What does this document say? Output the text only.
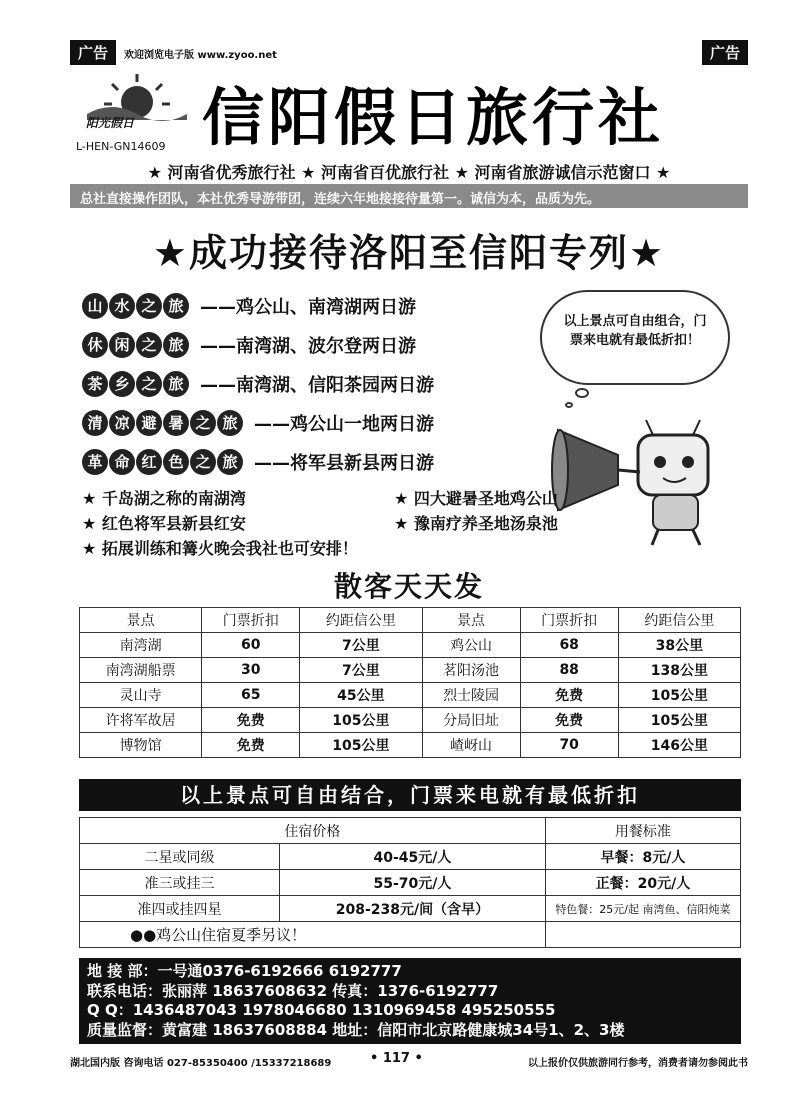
广告	欢迎浏览电子版 www.zyoo.net	广告
阳光假日
L-HEN-GN14609 信阳假日旅行社
★ 河南省优秀旅行社 ★ 河南省百优旅行社 ★ 河南省旅游诚信示范窗口 ★
总社直接操作团队，本社优秀导游带团，连续六年地接接待量第一。诚信为本，品质为先。
★成功接待洛阳至信阳专列★
山 水 之 旅 ——鸡公山、南湾湖两日游
休 闲 之 旅 ——南湾湖、波尔登两日游
茶 乡 之 旅 ——南湾湖、信阳茶园两日游
清 凉 避 暑 之 旅 ——鸡公山一地两日游
革 命 红 色 之 旅 ——将军县新县两日游
以上景点可自由组合，门票来电就有最低折扣！
★ 千岛湖之称的南湖湾	★ 四大避暑圣地鸡公山
★ 红色将军县新县红安	★ 豫南疗养圣地汤泉池
★ 拓展训练和篝火晚会我社也可安排！
散客天天发
景点	门票折扣	约距信公里	景点	门票折扣	约距信公里
南湾湖	60	7公里	鸡公山	68	38公里
南湾湖船票	30	7公里	茗阳汤池	88	138公里
灵山寺	65	45公里	烈士陵园	免费	105公里
许将军故居	免费	105公里	分局旧址	免费	105公里
博物馆	免费	105公里	嵖岈山	70	146公里
以上景点可自由结合，门票来电就有最低折扣
住宿价格		用餐标准
二星或同级	40-45元/人	早餐：8元/人
准三或挂三	55-70元/人	正餐：20元/人
准四或挂四星	208-238元/间（含早）	特色餐：25元/起 南湾鱼、信阳炖菜
●●鸡公山住宿夏季另议！		
地 接 部：一号通0376-6192666 6192777
联系电话：张丽萍 18637608632 传真：1376-6192777
Q Q：1436487043 1978046680 1310969458 495250555
质量监督：黄富建 18637608884 地址：信阳市北京路健康城34号1、2、3楼
湖北国内版 咨询电话 027-85350400 /15337218689	• 117 •	以上报价仅供旅游同行参考，消费者请勿参阅此书
